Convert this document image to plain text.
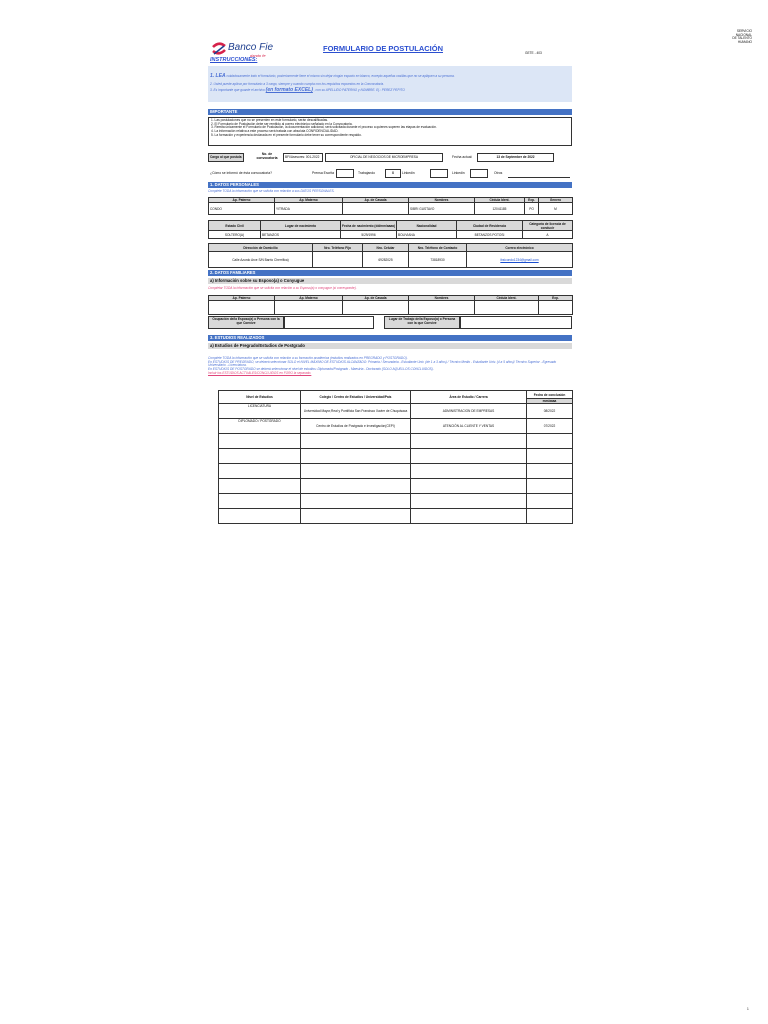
SERVICIO NACIONAL
DE TALENTO HUMANO
Banco Fie
dando fe
FORMULARIO DE POSTULACIÓN	GETE - 403
INSTRUCCIONES:
1. LEA cuidadosamente todo el formulario, posteriormente llene el mismo sin dejar ningún espacio en blanco, excepto aquellas casillas que no se apliquen a su persona.
2. Usted puede aplicar por formulario a 3 cargo, siempre y cuando cumpla con los requisitos expuestos en la Convocatoria.
3. Es importante que guarde el archivo (en formato EXCEL) , con su APELLIDO PATERNO y NOMBRE. Ej.: PEREZ PEPITO
IMPORTANTE
1. Las postulaciones que no se presenten en este formulario, serán descalificadas.
2. El Formulario de Postulación debe ser remitido al correo electrónico señalado en la Convocatoria.
3. Remita únicamente el Formulario de Postulación, la documentación adicional, será solicitada durante el proceso a quienes superen las etapas de evaluación.
4. La información relativa a este proceso será tratada con absoluta CONFIDENCIALIDAD.
5. La formación y experiencia declarada en el presente formulario debe tener su correspondiente respaldo.
Cargo al que postula
No. de convocatoria	BFI/Asesores: 001-2022	OFICIAL DE NEGOCIOS DE MICROEMPRESA	Fecha actual:	13 de September de 2022
¿Cómo se informó de ésta convocatoria?	Prensa Escrita	Trabajando	X	Linkedin	Linkedin	Otros
1. DATOS PERSONALES
Complete TODA la información que se solicita con relación a sus DATOS PERSONALES.
Ap. Paterno	Ap. Materno	Ap. de Casada	Nombres	Cédula Ident.	Exp.	Genero
CONDO	YITRADA		SIBRI GUSTAVO	12041185	PO	M
Estado Civil	Lugar de nacimiento	Fecha de nacimiento (dd/mm/aaaa)	Nacionalidad	Ciudad de Residencia	Categoría de licencia de conducir
SOLTERO(A)	BETANZOS	5/29/1996	BOLIVIANA	BETANZOS POTOSI	A
Dirección de Domicilio	Nro. Teléfono Fijo	Nro. Celular	Nro. Teléfono de Contacto	Correo electrónico
Calle Azurdo Arce S/N Barrio Cherrifica)		69282025	73818930	ibsicondo1234@gmail.com
2. DATOS FAMILIARES
a) Información sobre su Esposo(a) o Conyugue
Completar TODA la información que se solicita con relación a su Esposo(a) o conyugue (si corresponde).
Ap. Paterno	Ap. Materno	Ap. de Casada	Nombres	Cédula Ident.	Exp.

Ocupación de/la Esposo(a) o Persona con la que Convive
Lugar de Trabajo de/la Esposo(a) o Persona con la que Convive
3. ESTUDIOS REALIZADOS
a) Estudios de Pregrado/Estudios de Postgrado
Complete TODA la información que se solicita con relación a su formación académica (estudios realizados en PREGRADO y POSTGRADO).
En ESTUDIOS DE PREGRADO, se deberá seleccionar SOLO el NIVEL MÁXIMO DE ESTUDIOS ALCANZADO: Primaria / Secundaria - Estudiante Univ. (de 1 a 3 años) / Técnico Medio - Estudiante Univ. (4 a 5 años)/ Técnico Superior - Egresado Universitario - Licenciatura.
En ESTUDIOS DE POSTGRADO se deberá seleccionar el nivel de estudios: Diplomado/Postgrado - Maestría - Doctorado (SOLO AQUELLOS CONCLUIDOS).
Incluir los ESTUDIOS ACTUALES/CONCLUIDOS en FORO la separado.
Nivel de Estudios	Colegio / Centro de Estudios / Universidad/País	Área de Estudio / Carrera	Fecha de conclusión
			mm/aaaa
LICENCIATURA	Universidad Mayor,Real y Pontificia San Francisco Xavier de Chuquisaca	ADMINISTRACION DE EMPRESAS	08/2022
DIPLOMADO / POSTGRADO	Centro de Estudios de Postgrado e Investigación(CEPI)	ATENCIÓN AL CLIENTE Y VENTAS	07/2022

1
